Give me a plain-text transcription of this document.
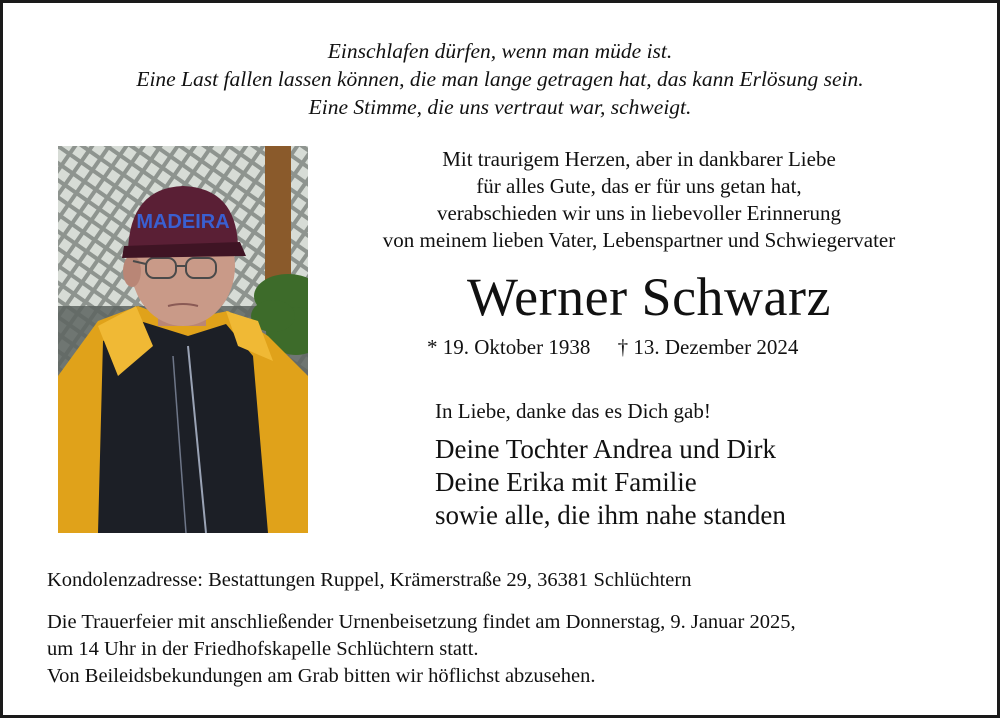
Einschlafen dürfen, wenn man müde ist.
Eine Last fallen lassen können, die man lange getragen hat, das kann Erlösung sein.
Eine Stimme, die uns vertraut war, schweigt.
MADEIRA
Mit traurigem Herzen, aber in dankbarer Liebe
für alles Gute, das er für uns getan hat,
verabschieden wir uns in liebevoller Erinnerung
von meinem lieben Vater, Lebenspartner und Schwiegervater
Werner Schwarz
* 19. Oktober 1938 † 13. Dezember 2024
In Liebe, danke das es Dich gab!
Deine Tochter Andrea und Dirk
Deine Erika mit Familie
sowie alle, die ihm nahe standen
Kondolenzadresse: Bestattungen Ruppel, Krämerstraße 29, 36381 Schlüchtern
Die Trauerfeier mit anschließender Urnenbeisetzung findet am Donnerstag, 9. Januar 2025,
um 14 Uhr in der Friedhofskapelle Schlüchtern statt.
Von Beileidsbekundungen am Grab bitten wir höflichst abzusehen.
